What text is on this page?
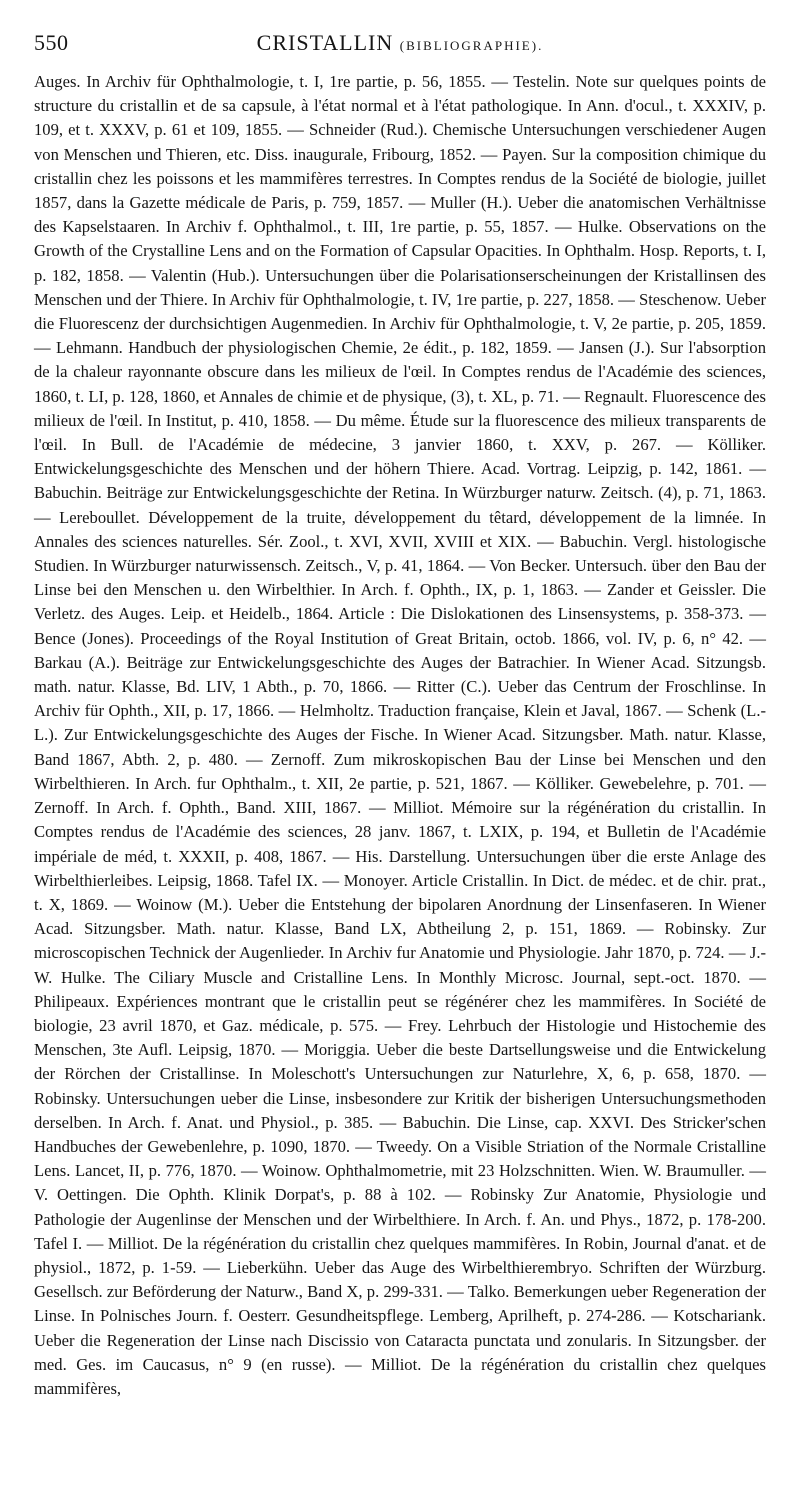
550	CRISTALLIN (BIBLIOGRAPHIE).

Auges. In Archiv für Ophthalmologie, t. I, 1re partie, p. 56, 1855. — Testelin. Note sur quelques points de structure du cristallin et de sa capsule, à l'état normal et à l'état pathologique. In Ann. d'ocul., t. XXXIV, p. 109, et t. XXXV, p. 61 et 109, 1855. — Schneider (Rud.). Chemische Untersuchungen verschiedener Augen von Menschen und Thieren, etc. Diss. inaugurale, Fribourg, 1852. — Payen. Sur la composition chimique du cristallin chez les poissons et les mammifères terrestres. In Comptes rendus de la Société de biologie, juillet 1857, dans la Gazette médicale de Paris, p. 759, 1857. — Muller (H.). Ueber die anatomischen Verhältnisse des Kapselstaaren. In Archiv f. Ophthalmol., t. III, 1re partie, p. 55, 1857. — Hulke. Observations on the Growth of the Crystalline Lens and on the Formation of Capsular Opacities. In Ophthalm. Hosp. Reports, t. I, p. 182, 1858. — Valentin (Hub.). Untersuchungen über die Polarisationserscheinungen der Kristallinsen des Menschen und der Thiere. In Archiv für Ophthalmologie, t. IV, 1re partie, p. 227, 1858. — Steschenow. Ueber die Fluorescenz der durchsichtigen Augenmedien. In Archiv für Ophthalmologie, t. V, 2e partie, p. 205, 1859. — Lehmann. Handbuch der physiologischen Chemie, 2e édit., p. 182, 1859. — Jansen (J.). Sur l'absorption de la chaleur rayonnante obscure dans les milieux de l'œil. In Comptes rendus de l'Académie des sciences, 1860, t. LI, p. 128, 1860, et Annales de chimie et de physique, (3), t. XL, p. 71. — Regnault. Fluorescence des milieux de l'œil. In Institut, p. 410, 1858. — Du même. Étude sur la fluorescence des milieux transparents de l'œil. In Bull. de l'Académie de médecine, 3 janvier 1860, t. XXV, p. 267. — Kölliker. Entwickelungsgeschichte des Menschen und der höhern Thiere. Acad. Vortrag. Leipzig, p. 142, 1861. — Babuchin. Beiträge zur Entwickelungsgeschichte der Retina. In Würzburger naturw. Zeitsch. (4), p. 71, 1863. — Lereboullet. Développement de la truite, développement du têtard, développement de la limnée. In Annales des sciences naturelles. Sér. Zool., t. XVI, XVII, XVIII et XIX. — Babuchin. Vergl. histologische Studien. In Würzburger naturwissensch. Zeitsch., V, p. 41, 1864. — Von Becker. Untersuch. über den Bau der Linse bei den Menschen u. den Wirbelthier. In Arch. f. Ophth., IX, p. 1, 1863. — Zander et Geissler. Die Verletz. des Auges. Leip. et Heidelb., 1864. Article : Die Dislokationen des Linsensystems, p. 358-373. — Bence (Jones). Proceedings of the Royal Institution of Great Britain, octob. 1866, vol. IV, p. 6, n° 42. — Barkau (A.). Beiträge zur Entwickelungsgeschichte des Auges der Batrachier. In Wiener Acad. Sitzungsb. math. natur. Klasse, Bd. LIV, 1 Abth., p. 70, 1866. — Ritter (C.). Ueber das Centrum der Froschlinse. In Archiv für Ophth., XII, p. 17, 1866. — Helmholtz. Traduction française, Klein et Javal, 1867. — Schenk (L.-L.). Zur Entwickelungsgeschichte des Auges der Fische. In Wiener Acad. Sitzungsber. Math. natur. Klasse, Band 1867, Abth. 2, p. 480. — Zernoff. Zum mikroskopischen Bau der Linse bei Menschen und den Wirbelthieren. In Arch. fur Ophthalm., t. XII, 2e partie, p. 521, 1867. — Kölliker. Gewebelehre, p. 701. — Zernoff. In Arch. f. Ophth., Band. XIII, 1867. — Milliot. Mémoire sur la régénération du cristallin. In Comptes rendus de l'Académie des sciences, 28 janv. 1867, t. LXIX, p. 194, et Bulletin de l'Académie impériale de méd, t. XXXII, p. 408, 1867. — His. Darstellung. Untersuchungen über die erste Anlage des Wirbelthierleibes. Leipsig, 1868. Tafel IX. — Monoyer. Article Cristallin. In Dict. de médec. et de chir. prat., t. X, 1869. — Woinow (M.). Ueber die Entstehung der bipolaren Anordnung der Linsenfaseren. In Wiener Acad. Sitzungsber. Math. natur. Klasse, Band LX, Abtheilung 2, p. 151, 1869. — Robinsky. Zur microscopischen Technick der Augenlieder. In Archiv fur Anatomie und Physiologie. Jahr 1870, p. 724. — J.-W. Hulke. The Ciliary Muscle and Cristalline Lens. In Monthly Microsc. Journal, sept.-oct. 1870. — Philipeaux. Expériences montrant que le cristallin peut se régénérer chez les mammifères. In Société de biologie, 23 avril 1870, et Gaz. médicale, p. 575. — Frey. Lehrbuch der Histologie und Histochemie des Menschen, 3te Aufl. Leipsig, 1870. — Moriggia. Ueber die beste Dartsellungsweise und die Entwickelung der Rörchen der Cristallinse. In Moleschott's Untersuchungen zur Naturlehre, X, 6, p. 658, 1870. — Robinsky. Untersuchungen ueber die Linse, insbesondere zur Kritik der bisherigen Untersuchungsmethoden derselben. In Arch. f. Anat. und Physiol., p. 385. — Babuchin. Die Linse, cap. XXVI. Des Stricker'schen Handbuches der Gewebenlehre, p. 1090, 1870. — Tweedy. On a Visible Striation of the Normale Cristalline Lens. Lancet, II, p. 776, 1870. — Woinow. Ophthalmometrie, mit 23 Holzschnitten. Wien. W. Braumuller. — V. Oettingen. Die Ophth. Klinik Dorpat's, p. 88 à 102. — Robinsky Zur Anatomie, Physiologie und Pathologie der Augenlinse der Menschen und der Wirbelthiere. In Arch. f. An. und Phys., 1872, p. 178-200. Tafel I. — Milliot. De la régénération du cristallin chez quelques mammifères. In Robin, Journal d'anat. et de physiol., 1872, p. 1-59. — Lieberkühn. Ueber das Auge des Wirbelthierembryo. Schriften der Würzburg. Gesellsch. zur Beförderung der Naturw., Band X, p. 299-331. — Talko. Bemerkungen ueber Regeneration der Linse. In Polnisches Journ. f. Oesterr. Gesundheitspflege. Lemberg, Aprilheft, p. 274-286. — Kotschariank. Ueber die Regeneration der Linse nach Discissio von Cataracta punctata und zonularis. In Sitzungsber. der med. Ges. im Caucasus, n° 9 (en russe). — Milliot. De la régénération du cristallin chez quelques mammifères,
